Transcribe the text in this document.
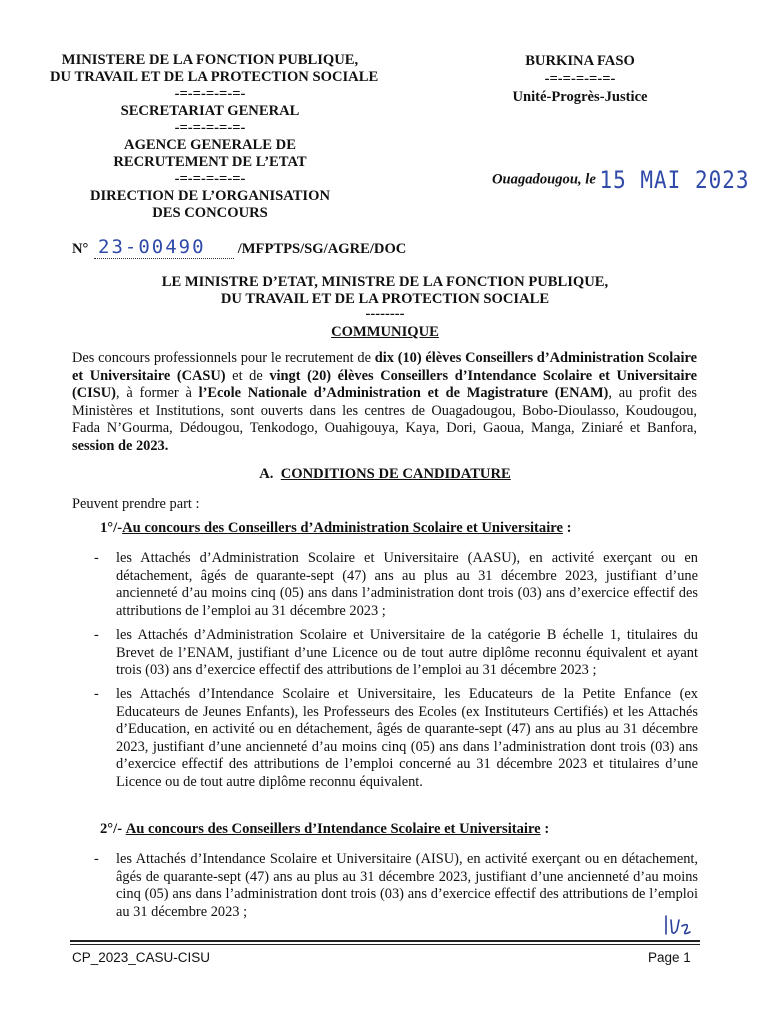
MINISTERE DE LA FONCTION PUBLIQUE,
DU TRAVAIL ET DE LA PROTECTION SOCIALE
-=-=-=-=-=-
SECRETARIAT GENERAL
-=-=-=-=-=-
AGENCE GENERALE DE
RECRUTEMENT DE L’ETAT
-=-=-=-=-=-
DIRECTION DE L’ORGANISATION
DES CONCOURS
BURKINA FASO
-=-=-=-=-=-
Unité-Progrès-Justice
Ouagadougou, le 15 MAI 2023
N° 23-00490 /MFPTPS/SG/AGRE/DOC
LE MINISTRE D’ETAT, MINISTRE DE LA FONCTION PUBLIQUE,
DU TRAVAIL ET DE LA PROTECTION SOCIALE
--------
COMMUNIQUE
Des concours professionnels pour le recrutement de dix (10) élèves Conseillers d’Administration Scolaire et Universitaire (CASU) et de vingt (20) élèves Conseillers d’Intendance Scolaire et Universitaire (CISU), à former à l’Ecole Nationale d’Administration et de Magistrature (ENAM), au profit des Ministères et Institutions, sont ouverts dans les centres de Ouagadougou, Bobo-Dioulasso, Koudougou, Fada N’Gourma, Dédougou, Tenkodogo, Ouahigouya, Kaya, Dori, Gaoua, Manga, Ziniaré et Banfora, session de 2023.
A. CONDITIONS DE CANDIDATURE
Peuvent prendre part :
1°/-Au concours des Conseillers d’Administration Scolaire et Universitaire :
- les Attachés d’Administration Scolaire et Universitaire (AASU), en activité exerçant ou en détachement, âgés de quarante-sept (47) ans au plus au 31 décembre 2023, justifiant d’une ancienneté d’au moins cinq (05) ans dans l’administration dont trois (03) ans d’exercice effectif des attributions de l’emploi au 31 décembre 2023 ;
- les Attachés d’Administration Scolaire et Universitaire de la catégorie B échelle 1, titulaires du Brevet de l’ENAM, justifiant d’une Licence ou de tout autre diplôme reconnu équivalent et ayant trois (03) ans d’exercice effectif des attributions de l’emploi au 31 décembre 2023 ;
- les Attachés d’Intendance Scolaire et Universitaire, les Educateurs de la Petite Enfance (ex Educateurs de Jeunes Enfants), les Professeurs des Ecoles (ex Instituteurs Certifiés) et les Attachés d’Education, en activité ou en détachement, âgés de quarante-sept (47) ans au plus au 31 décembre 2023, justifiant d’une ancienneté d’au moins cinq (05) ans dans l’administration dont trois (03) ans d’exercice effectif des attributions de l’emploi concerné au 31 décembre 2023 et titulaires d’une Licence ou de tout autre diplôme reconnu équivalent.
2°/- Au concours des Conseillers d’Intendance Scolaire et Universitaire :
- les Attachés d’Intendance Scolaire et Universitaire (AISU), en activité exerçant ou en détachement, âgés de quarante-sept (47) ans au plus au 31 décembre 2023, justifiant d’une ancienneté d’au moins cinq (05) ans dans l’administration dont trois (03) ans d’exercice effectif des attributions de l’emploi au 31 décembre 2023 ;
CP_2023_CASU-CISU	Page 1
